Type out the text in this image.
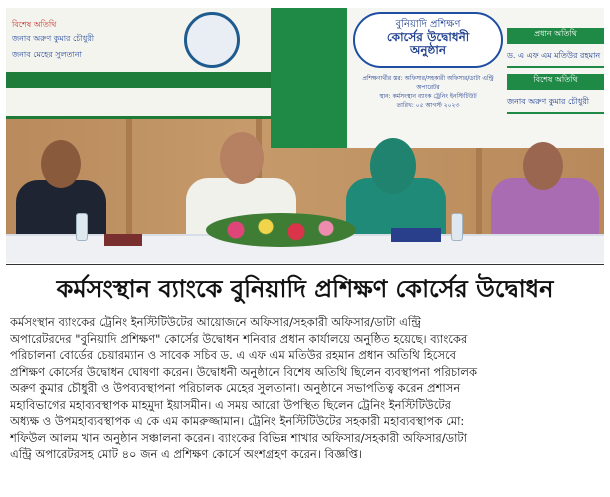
বিশেষ অতিথি
জনাব অরুণ কুমার চৌধুরী
জনাব মেহের সুলতানা
বুনিয়াদি প্রশিক্ষণ
কোর্সের উদ্বোধনী
অনুষ্ঠান
প্রশিক্ষণার্থীর স্তর: অফিসার/সহকারী অফিসার/ডাটা এন্ট্রি অপারেটর
স্থান: কর্মসংস্থান ব্যাংক ট্রেনিং ইনস্টিটিউট
তারিখ: ০৫ আগস্ট ২০২৩
প্রধান অতিথি
ড. এ এফ এম মতিউর রহমান
বিশেষ অতিথি
জনাব অরুণ কুমার চৌধুরী
কর্মসংস্থান ব্যাংকে বুনিয়াদি প্রশিক্ষণ কোর্সের উদ্বোধন
কর্মসংস্থান ব্যাংকের ট্রেনিং ইনস্টিটিউটের আয়োজনে অফিসার/সহকারী অফিসার/ডাটা এন্ট্রি
অপারেটরদের "বুনিয়াদি প্রশিক্ষণ" কোর্সের উদ্বোধন শনিবার প্রধান কার্যালয়ে অনুষ্ঠিত হয়েছে। ব্যাংকের
পরিচালনা বোর্ডের চেয়ারম্যান ও সাবেক সচিব ড. এ এফ এম মতিউর রহমান প্রধান অতিথি হিসেবে
প্রশিক্ষণ কোর্সের উদ্বোধন ঘোষণা করেন। উদ্বোধনী অনুষ্ঠানে বিশেষ অতিথি ছিলেন ব্যবস্থাপনা পরিচালক
অরুণ কুমার চৌধুরী ও উপব্যবস্থাপনা পরিচালক মেহের সুলতানা। অনুষ্ঠানে সভাপতিত্ব করেন প্রশাসন
মহাবিভাগের মহাব্যবস্থাপক মাহমুদা ইয়াসমীন। এ সময় আরো উপস্থিত ছিলেন ট্রেনিং ইনস্টিটিউটের
অধ্যক্ষ ও উপমহাব্যবস্থাপক এ কে এম কামরুজ্জামান। ট্রেনিং ইনস্টিটিউটের সহকারী মহাব্যবস্থাপক মো:
শফিউল আলম খান অনুষ্ঠান সঞ্চালনা করেন। ব্যাংকের বিভিন্ন শাখার অফিসার/সহকারী অফিসার/ডাটা
এন্ট্রি অপারেটরসহ মোট ৪০ জন এ প্রশিক্ষণ কোর্সে অংশগ্রহণ করেন। বিজ্ঞপ্তি।
